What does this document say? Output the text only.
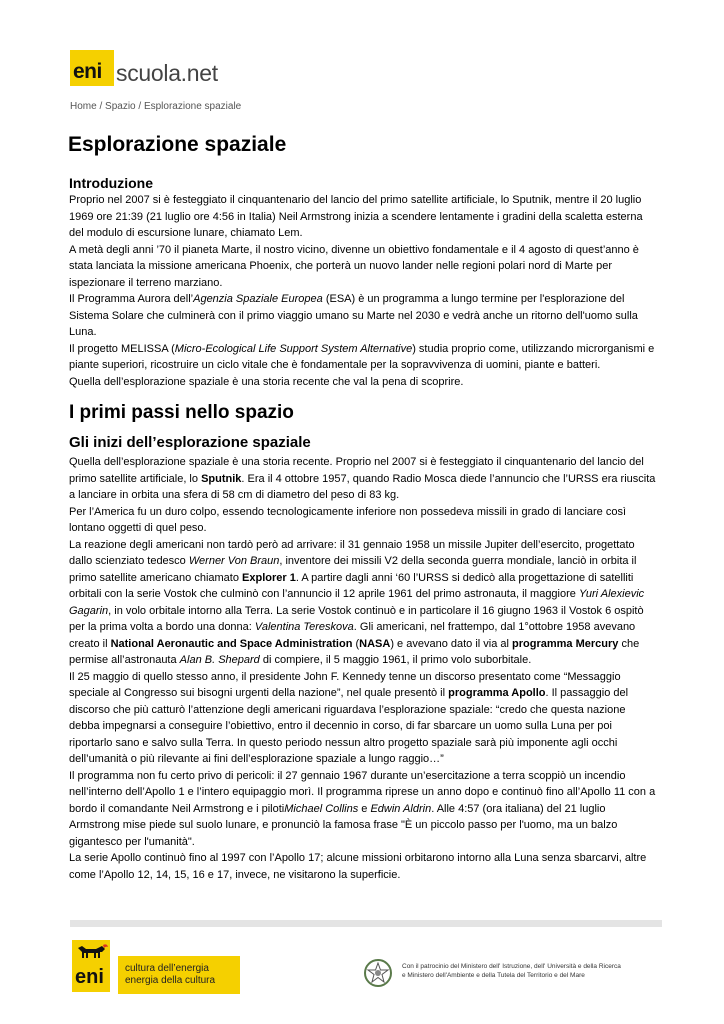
eni scuola.net
Home / Spazio / Esplorazione spaziale
Esplorazione spaziale
Introduzione

Proprio nel 2007 si è festeggiato il cinquantenario del lancio del primo satellite artificiale, lo Sputnik, mentre il 20 luglio 1969 ore 21:39 (21 luglio ore 4:56 in Italia) Neil Armstrong inizia a scendere lentamente i gradini della scaletta esterna del modulo di escursione lunare, chiamato Lem.

A metà degli anni ’70 il pianeta Marte, il nostro vicino, divenne un obiettivo fondamentale e il 4 agosto di quest’anno è stata lanciata la missione americana Phoenix, che porterà un nuovo lander nelle regioni polari nord di Marte per ispezionare il terreno marziano.

Il Programma Aurora dell’Agenzia Spaziale Europea (ESA) è un programma a lungo termine per l'esplorazione del Sistema Solare che culminerà con il primo viaggio umano su Marte nel 2030 e vedrà anche un ritorno dell'uomo sulla Luna.

Il progetto MELISSA (Micro-Ecological Life Support System Alternative) studia proprio come, utilizzando microrganismi e piante superiori, ricostruire un ciclo vitale che è fondamentale per la sopravvivenza di uomini, piante e batteri.

Quella dell’esplorazione spaziale è una storia recente che val la pena di scoprire.

I primi passi nello spazio
Gli inizi dell’esplorazione spaziale

Quella dell’esplorazione spaziale è una storia recente. Proprio nel 2007 si è festeggiato il cinquantenario del lancio del primo satellite artificiale, lo Sputnik. Era il 4 ottobre 1957, quando Radio Mosca diede l’annuncio che l’URSS era riuscita a lanciare in orbita una sfera di 58 cm di diametro del peso di 83 kg.

Per l’America fu un duro colpo, essendo tecnologicamente inferiore non possedeva missili in grado di lanciare così lontano oggetti di quel peso.

La reazione degli americani non tardò però ad arrivare: il 31 gennaio 1958 un missile Jupiter dell’esercito, progettato dallo scienziato tedesco Werner Von Braun, inventore dei missili V2 della seconda guerra mondiale, lanciò in orbita il primo satellite americano chiamato Explorer 1. A partire dagli anni ‘60 l’URSS si dedicò alla progettazione di satelliti orbitali con la serie Vostok che culminò con l’annuncio il 12 aprile 1961 del primo astronauta, il maggiore Yuri Alexievic Gagarin, in volo orbitale intorno alla Terra. La serie Vostok continuò e in particolare il 16 giugno 1963 il Vostok 6 ospitò per la prima volta a bordo una donna: Valentina Tereskova. Gli americani, nel frattempo, dal 1°ottobre 1958 avevano creato il National Aeronautic and Space Administration (NASA) e avevano dato il via al programma Mercury che permise all’astronauta Alan B. Shepard di compiere, il 5 maggio 1961, il primo volo suborbitale.

Il 25 maggio di quello stesso anno, il presidente John F. Kennedy tenne un discorso presentato come “Messaggio speciale al Congresso sui bisogni urgenti della nazione”, nel quale presentò il programma Apollo. Il passaggio del discorso che più catturò l’attenzione degli americani riguardava l’esplorazione spaziale: “credo che questa nazione debba impegnarsi a conseguire l’obiettivo, entro il decennio in corso, di far sbarcare un uomo sulla Luna per poi riportarlo sano e salvo sulla Terra. In questo periodo nessun altro progetto spaziale sarà più imponente agli occhi dell’umanità o più rilevante ai fini dell’esplorazione spaziale a lungo raggio…”

Il programma non fu certo privo di pericoli: il 27 gennaio 1967 durante un’esercitazione a terra scoppiò un incendio nell’interno dell’Apollo 1 e l’intero equipaggio morì. Il programma riprese un anno dopo e continuò fino all’Apollo 11 con a bordo il comandante Neil Armstrong e i pilotiMichael Collins e Edwin Aldrin. Alle 4:57 (ora italiana) del 21 luglio Armstrong mise piede sul suolo lunare, e pronunciò la famosa frase "È un piccolo passo per l'uomo, ma un balzo gigantesco per l'umanità".

La serie Apollo continuò fino al 1997 con l’Apollo 17; alcune missioni orbitarono intorno alla Luna senza sbarcarvi, altre come l’Apollo 12, 14, 15, 16 e 17, invece, ne visitarono la superficie.

eni	cultura dell’energia
energia della cultura
Con il patrocinio del Ministero dell' Istruzione, dell' Università e della Ricerca
e Ministero dell'Ambiente e della Tutela del Territorio e del Mare
